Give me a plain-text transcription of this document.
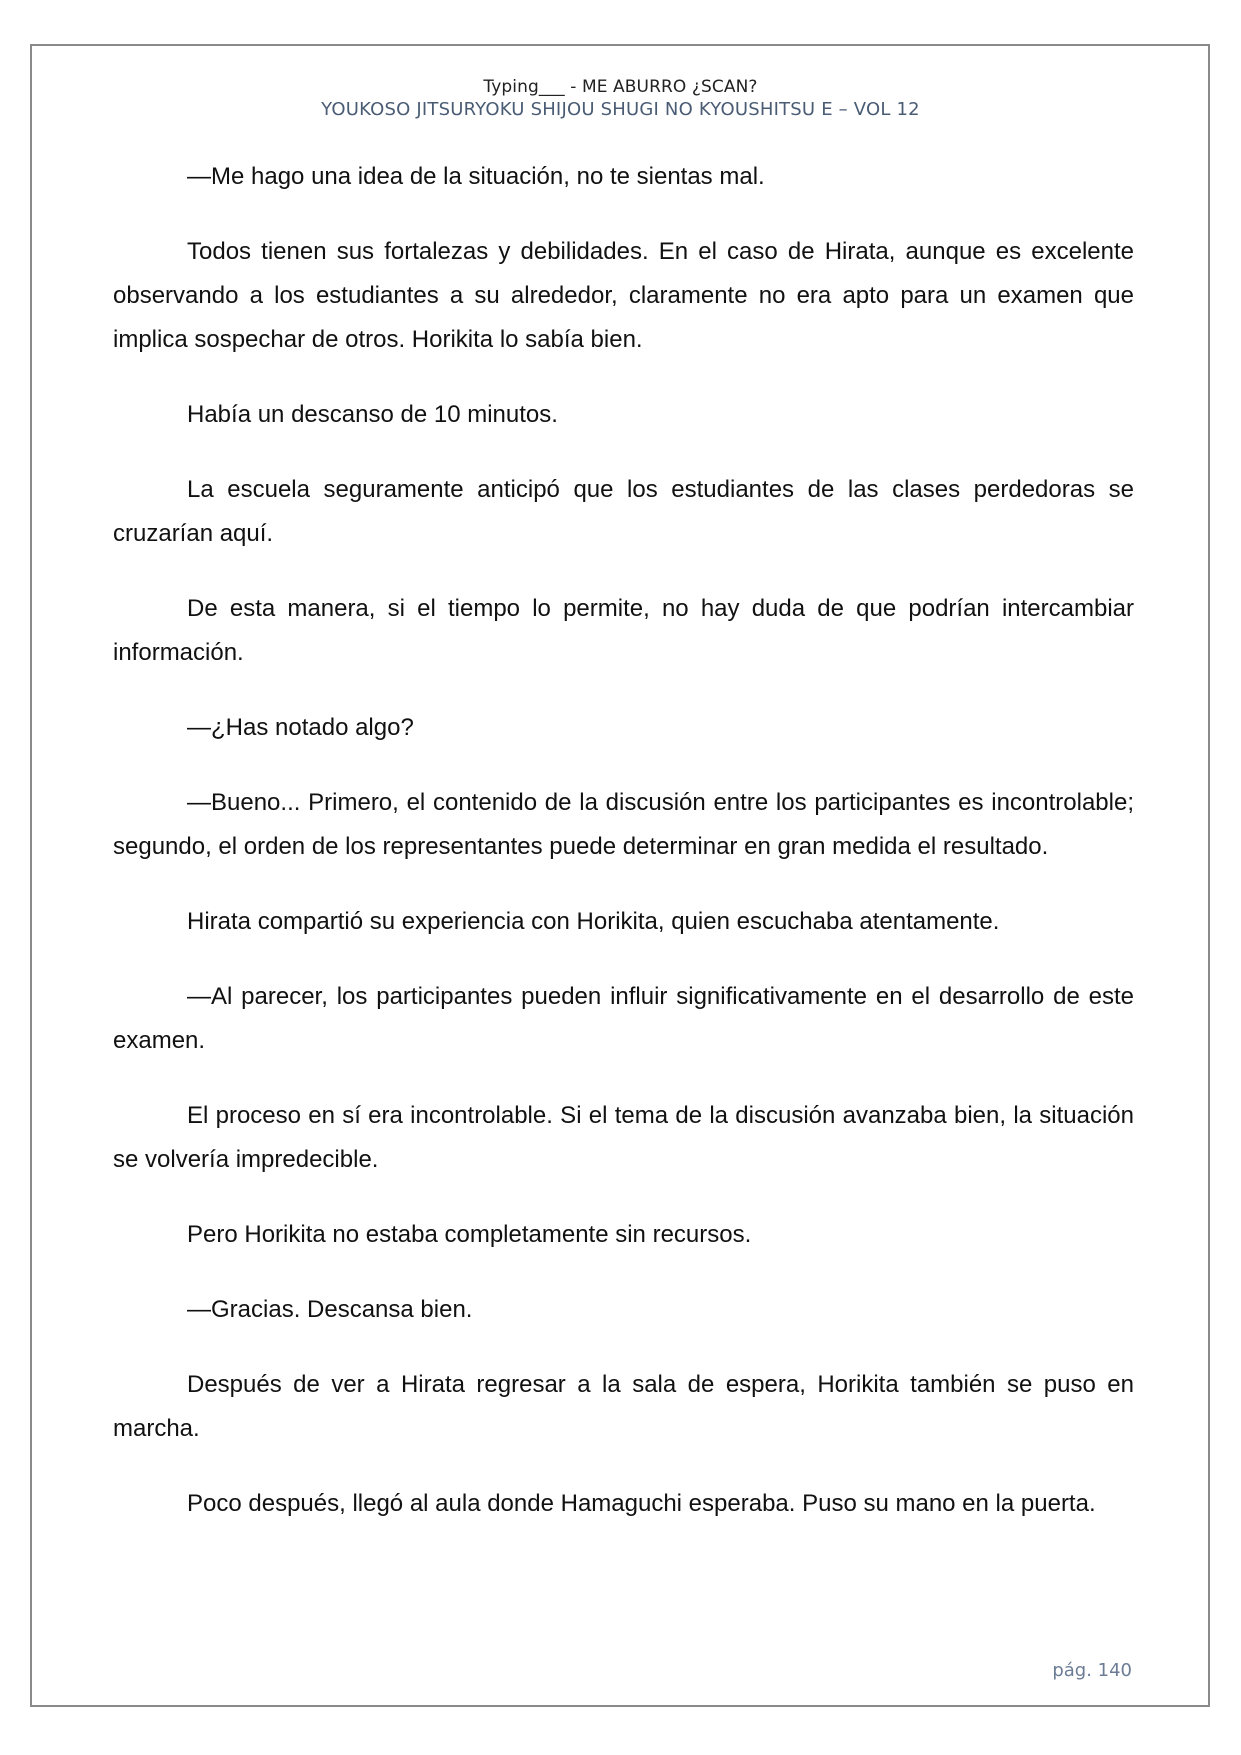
Typing___ - ME ABURRO ¿SCAN?
YOUKOSO JITSURYOKU SHIJOU SHUGI NO KYOUSHITSU E – VOL 12

—Me hago una idea de la situación, no te sientas mal.

Todos tienen sus fortalezas y debilidades. En el caso de Hirata, aunque es excelente observando a los estudiantes a su alrededor, claramente no era apto para un examen que implica sospechar de otros. Horikita lo sabía bien.

Había un descanso de 10 minutos.

La escuela seguramente anticipó que los estudiantes de las clases perdedoras se cruzarían aquí.

De esta manera, si el tiempo lo permite, no hay duda de que podrían intercambiar información.

—¿Has notado algo?

—Bueno... Primero, el contenido de la discusión entre los participantes es incontrolable; segundo, el orden de los representantes puede determinar en gran medida el resultado.

Hirata compartió su experiencia con Horikita, quien escuchaba atentamente.

—Al parecer, los participantes pueden influir significativamente en el desarrollo de este examen.

El proceso en sí era incontrolable. Si el tema de la discusión avanzaba bien, la situación se volvería impredecible.

Pero Horikita no estaba completamente sin recursos.

—Gracias. Descansa bien.

Después de ver a Hirata regresar a la sala de espera, Horikita también se puso en marcha.

Poco después, llegó al aula donde Hamaguchi esperaba. Puso su mano en la puerta.

pág. 140
